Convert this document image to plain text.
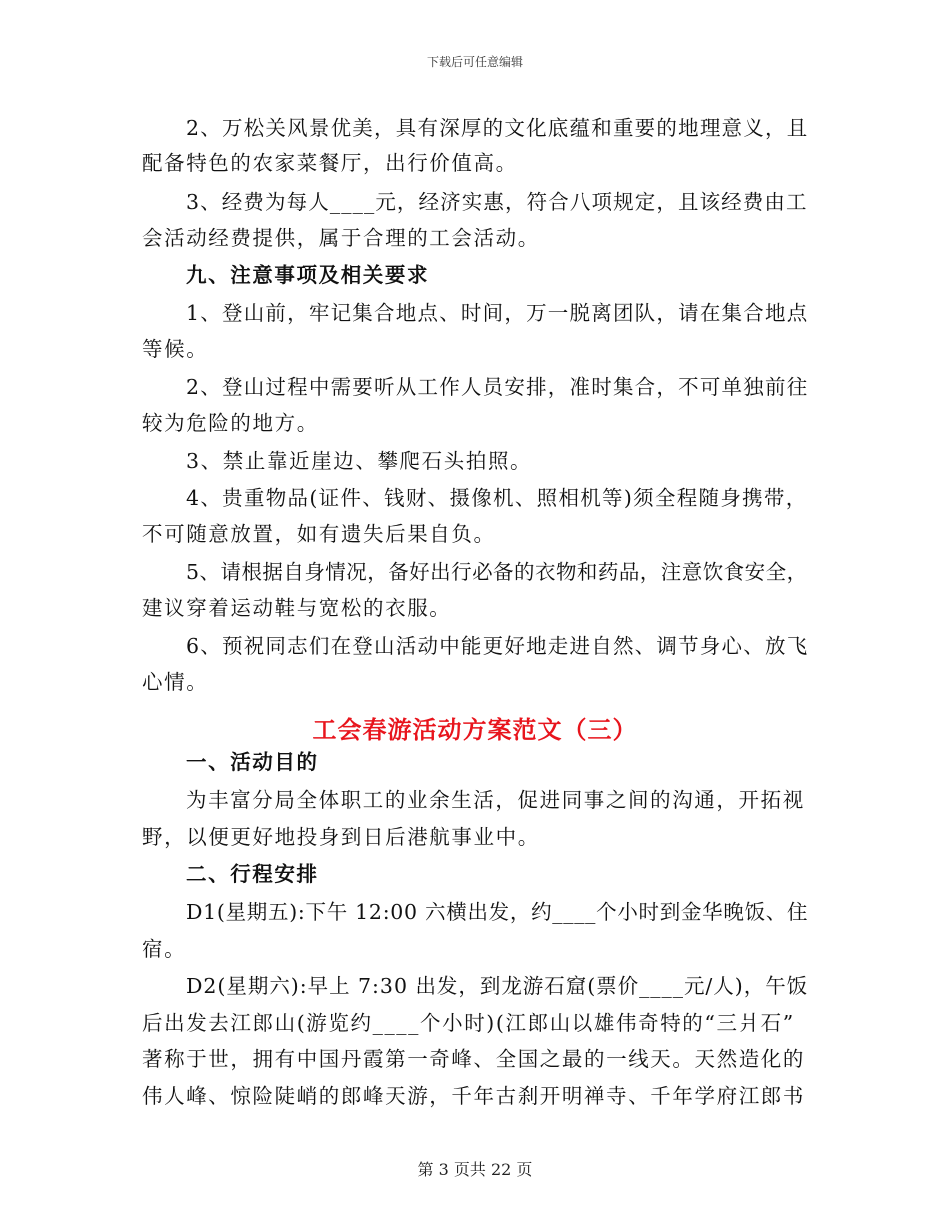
下载后可任意编辑
2、万松关风景优美，具有深厚的文化底蕴和重要的地理意义，且
配备特色的农家菜餐厅，出行价值高。
3、经费为每人____元，经济实惠，符合八项规定，且该经费由工
会活动经费提供，属于合理的工会活动。
九、注意事项及相关要求
1、登山前，牢记集合地点、时间，万一脱离团队，请在集合地点
等候。
2、登山过程中需要听从工作人员安排，准时集合，不可单独前往
较为危险的地方。
3、禁止靠近崖边、攀爬石头拍照。
4、贵重物品(证件、钱财、摄像机、照相机等)须全程随身携带，
不可随意放置，如有遗失后果自负。
5、请根据自身情况，备好出行必备的衣物和药品，注意饮食安全，
建议穿着运动鞋与宽松的衣服。
6、预祝同志们在登山活动中能更好地走进自然、调节身心、放飞
心情。
工会春游活动方案范文（三）
一、活动目的
为丰富分局全体职工的业余生活，促进同事之间的沟通，开拓视
野，以便更好地投身到日后港航事业中。
二、行程安排
D1(星期五):下午 12:00 六横出发，约____个小时到金华晚饭、住
宿。
D2(星期六):早上 7:30 出发，到龙游石窟(票价____元/人)，午饭
后出发去江郎山(游览约____个小时)(江郎山以雄伟奇特的“三爿石”
著称于世，拥有中国丹霞第一奇峰、全国之最的一线天。天然造化的
伟人峰、惊险陡峭的郎峰天游，千年古刹开明禅寺、千年学府江郎书
第 3 页共 22 页
